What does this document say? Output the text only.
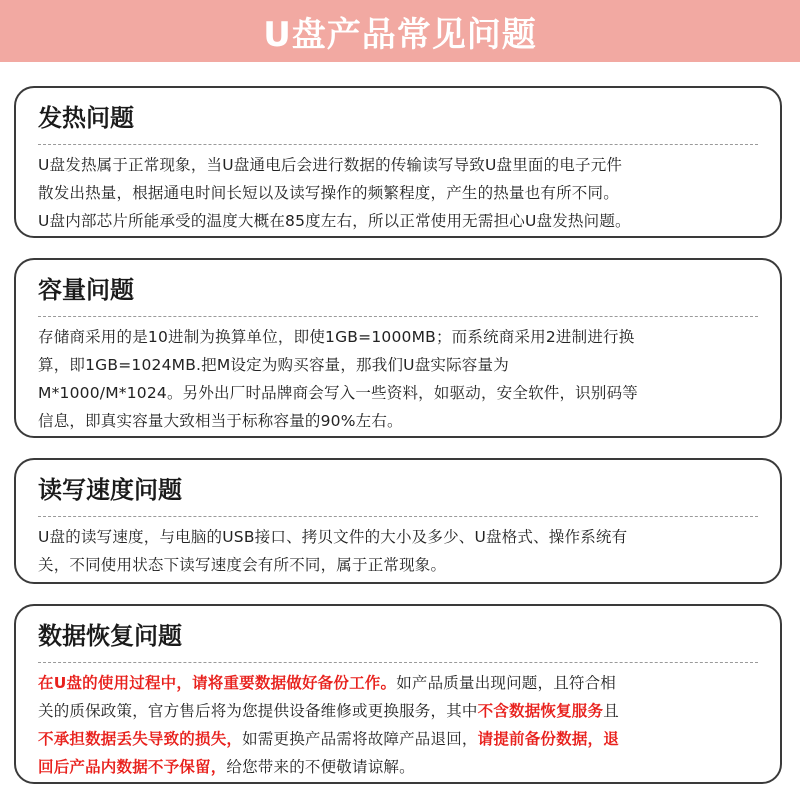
U盘产品常见问题
发热问题

U盘发热属于正常现象，当U盘通电后会进行数据的传输读写导致U盘里面的电子元件

散发出热量，根据通电时间长短以及读写操作的频繁程度，产生的热量也有所不同。

U盘内部芯片所能承受的温度大概在85度左右，所以正常使用无需担心U盘发热问题。

容量问题

存储商采用的是10进制为换算单位，即使1GB=1000MB；而系统商采用2进制进行换

算，即1GB=1024MB.把M设定为购买容量，那我们U盘实际容量为

M*1000/M*1024。另外出厂时品牌商会写入一些资料，如驱动，安全软件，识别码等

信息，即真实容量大致相当于标称容量的90%左右。

读写速度问题

U盘的读写速度，与电脑的USB接口、拷贝文件的大小及多少、U盘格式、操作系统有

关，不同使用状态下读写速度会有所不同，属于正常现象。

数据恢复问题

在U盘的使用过程中，请将重要数据做好备份工作。如产品质量出现问题，且符合相

关的质保政策，官方售后将为您提供设备维修或更换服务，其中不含数据恢复服务且

不承担数据丢失导致的损失，如需更换产品需将故障产品退回，请提前备份数据，退

回后产品内数据不予保留，给您带来的不便敬请谅解。
